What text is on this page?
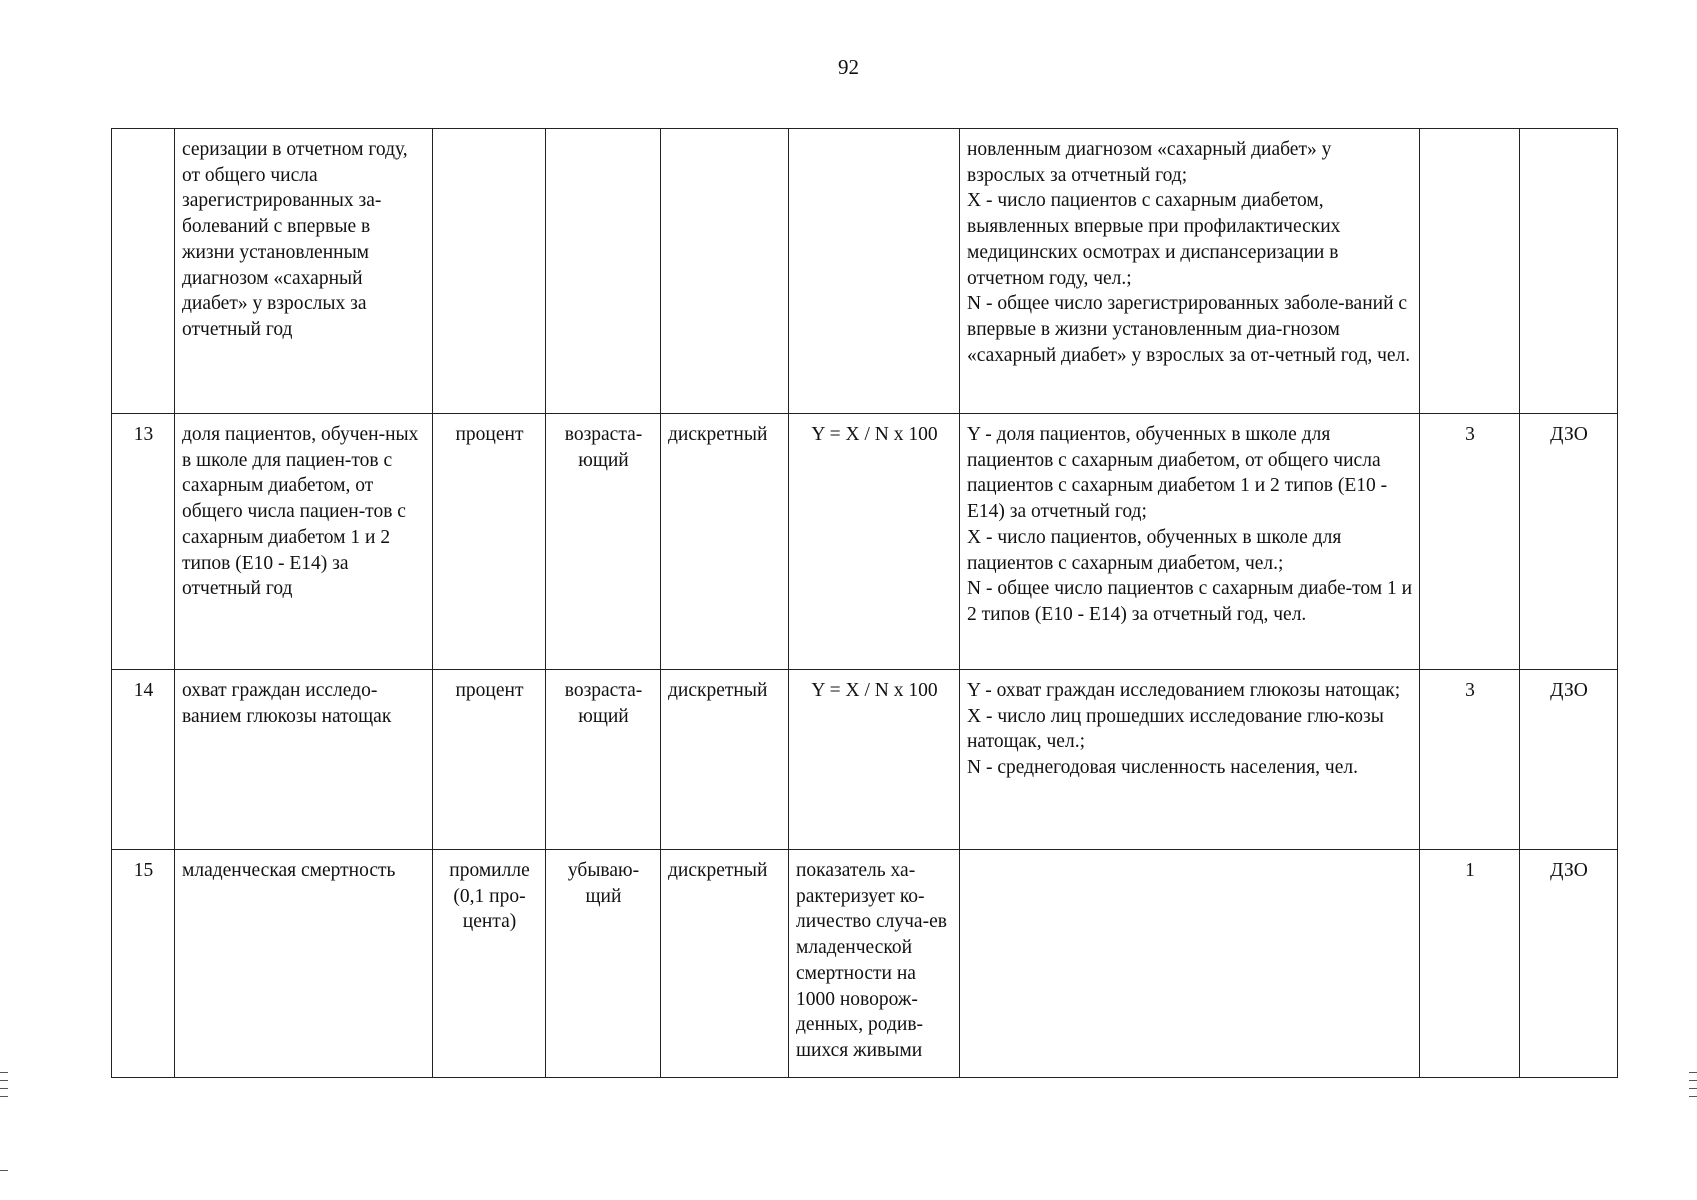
92
	серизации в отчетном году, от общего числа зарегистрированных за-болеваний с впервые в жизни установленным диагнозом «сахарный диабет» у взрослых за отчетный год					новленным диагнозом «сахарный диабет» у взрослых за отчетный год;
X - число пациентов с сахарным диабетом, выявленных впервые при профилактических медицинских осмотрах и диспансеризации в отчетном году, чел.;
N - общее число зарегистрированных заболе-ваний с впервые в жизни установленным диа-гнозом «сахарный диабет» у взрослых за от-четный год, чел.		

13	доля пациентов, обучен-ных в школе для пациен-тов с сахарным диабетом, от общего числа пациен-тов с сахарным диабетом 1 и 2 типов (E10 - E14) за отчетный год	процент	возраста-ющий	дискретный	Y = X / N x 100	Y - доля пациентов, обученных в школе для пациентов с сахарным диабетом, от общего числа пациентов с сахарным диабетом 1 и 2 типов (E10 - E14) за отчетный год;
X - число пациентов, обученных в школе для пациентов с сахарным диабетом, чел.;
N - общее число пациентов с сахарным диабе-том 1 и 2 типов (E10 - E14) за отчетный год, чел.	3	ДЗО
14	охват граждан исследо-ванием глюкозы натощак	процент	возраста-ющий	дискретный	Y = X / N x 100	Y - охват граждан исследованием глюкозы натощак;
X - число лиц прошедших исследование глю-козы натощак, чел.;
N - среднегодовая численность населения, чел.	3	ДЗО
15	младенческая смертность	промилле (0,1 про-цента)	убываю-щий	дискретный	показатель ха-рактеризует ко-личество случа-ев младенческой смертности на 1000 новорож-денных, родив-шихся живыми		1	ДЗО
